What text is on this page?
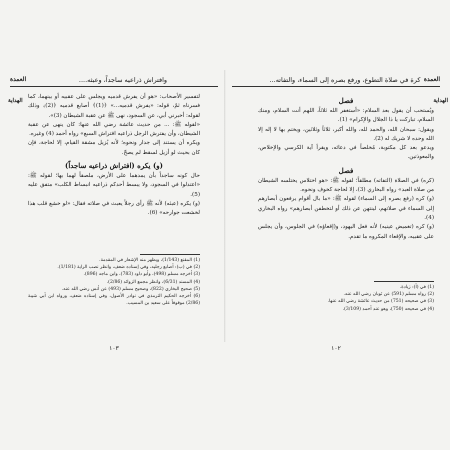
العمدة	وافتراش ذراعيه ساجداً، وعبثه....
الهداية

لتفسير الأصحاب: «هو أن يفرش قدميه ويجلس على عقبيه أو بينهما، كما فسرناه ثمّ، قوله: «يفرش قدميه...» ﴿(1)﴾ أصابع قدميه ﴿(2)﴾ وذلك لقوله: أخبرني أبي، عن السجود، نهى ﷺ عن عقبة الشيطان (3)».

«لقوله ﷺ: ... من حديث عائشة رضي الله عنها: كان ينهى عن عقبة الشيطان، وأن يفترش الرجل ذراعيه افتراش السبع» رواه أحمد (4) وغيره.

ويكره أن يستند إلى جدار ونحوه؛ لأنه يُزيل مشقة القيام، إلا لحاجة، فإن كان بحيث لو أزيل لسقط لم يصحّ.

(و) يكره (افتراش ذراعيه ساجداً)

حال كونه ساجداً بأن يمدهما على الأرض، ملصقاً لهما بها؛ لقوله ﷺ: «اعتدلوا في السجود، ولا يبسط أحدكم ذراعيه انبساط الكلب» متفق عليه (5).

(و) يكره (عبثه) لأنه ﷺ رأى رجلاً يعبث في صلاته فقال: «لو خشع قلب هذا لخشعت جوارحه» (6).

(1) المقنع (1/143)، ويظهر منه الإشعار في المقدمة.

(2) في (ب): أصابع رجليه، وفي إسناده ضعف، وانظر نصب الراية (1/181).

(3) أخرجه مسلم (498)، وأبو داود (783)، وابن ماجه (896).

(4) المسند (6/31)، وانظر مجمع الزوائد (2/86).

(5) صحيح البخاري (822)، وصحيح مسلم (493) عن أنس رضي الله عنه.

(6) أخرجه الحكيم الترمذي في نوادر الأصول، وفي إسناده ضعف، ورواه ابن أبي شيبة (2/86) موقوفاً على سعيد بن المسيب.

١٠٣
العمدة
كرة في صلاة التطوع، ورفع بصره إلى السماء، والتفاته...
الهداية
فصل

ويُستحب أن يقول بعد السلام: «أستغفر الله ثلاثاً، اللهم أنت السلام، ومنك السلام، تباركت يا ذا الجلال والإكرام» (1).

ويقول: سبحان الله، والحمد لله، والله أكبر، ثلاثاً وثلاثين، ويختم بها لا إله إلا الله وحده لا شريك له (2).

ويدعو بعد كل مكتوبة، مُخلصاً في دعائه، ويقرأ آية الكرسي والإخلاص، والمعوذتين.

فصل

(كره) في الصلاة (التفاته) مطلقاً؛ لقوله ﷺ: «هو اختلاس يختلسه الشيطان من صلاة العبد» رواه البخاري (3)، إلا لحاجة كخوف ونحوه.

(و) كره (رفع بصره إلى السماء) لقوله ﷺ: «ما بال أقوام يرفعون أبصارهم إلى السماء في صلاتهم، لينتهن عن ذلك أو لتخطفن أبصارهم» رواه البخاري (4).

(و) كره (تغميض عينيه) لأنه فعل اليهود، و(إقعاؤه) في الجلوس، وأن يجلس على عقبيه، والإقعاء المكروه ما تقدم.

(1) في (أ): زيادة.

(2) رواه مسلم (591) عن ثوبان رضي الله عنه.

(3) في صحيحه (751) من حديث عائشة رضي الله عنها.

(4) في صحيحه (750)، وهو عند أحمد (3/109).

١٠٢
